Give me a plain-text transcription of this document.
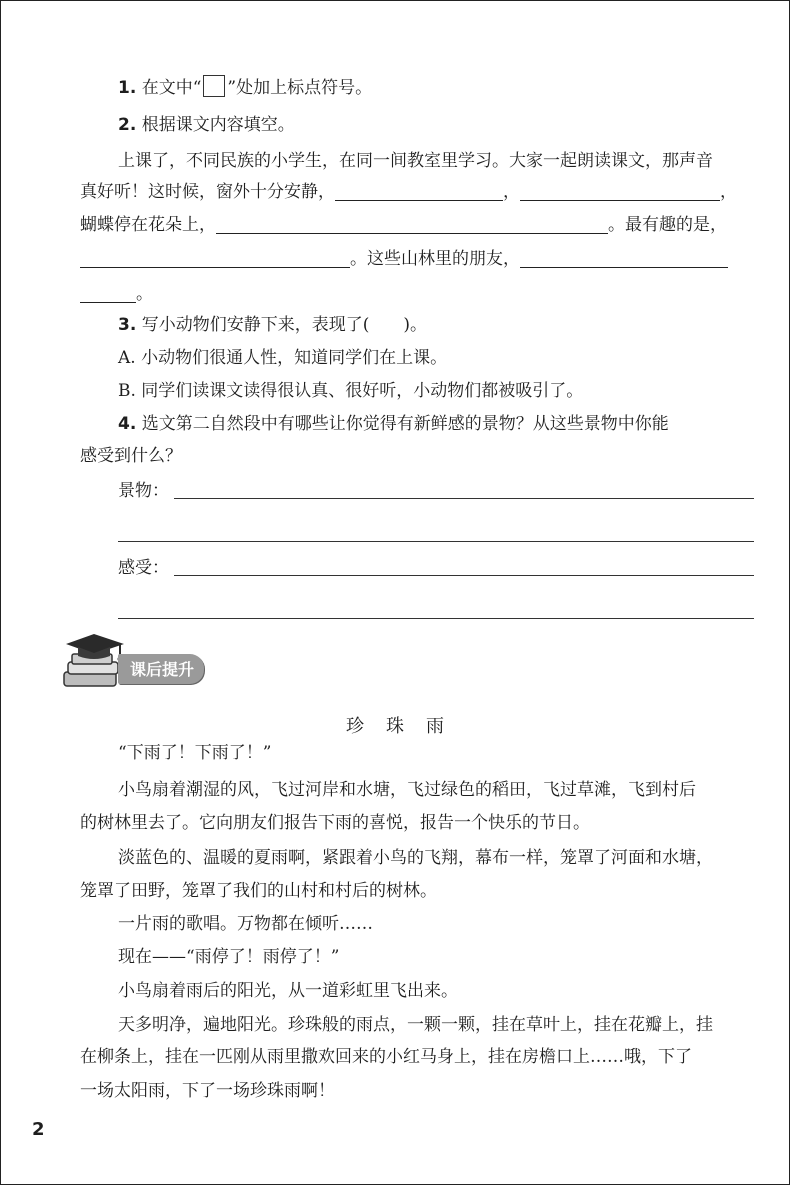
1. 在文中“ ”处加上标点符号。
2. 根据课文内容填空。
上课了，不同民族的小学生，在同一间教室里学习。大家一起朗读课文，那声音
真好听！这时候，窗外十分安静，	，	，
蝴蝶停在花朵上，	。最有趣的是，
。这些山林里的朋友，
。
3. 写小动物们安静下来，表现了(　　)。
A. 小动物们很通人性，知道同学们在上课。
B. 同学们读课文读得很认真、很好听，小动物们都被吸引了。
4. 选文第二自然段中有哪些让你觉得有新鲜感的景物？从这些景物中你能
感受到什么？
景物：
感受：
课后提升
珍珠雨
“下雨了！下雨了！”
小鸟扇着潮湿的风，飞过河岸和水塘，飞过绿色的稻田，飞过草滩，飞到村后
的树林里去了。它向朋友们报告下雨的喜悦，报告一个快乐的节日。
淡蓝色的、温暖的夏雨啊，紧跟着小鸟的飞翔，幕布一样，笼罩了河面和水塘，
笼罩了田野，笼罩了我们的山村和村后的树林。
一片雨的歌唱。万物都在倾听……
现在——“雨停了！雨停了！”
小鸟扇着雨后的阳光，从一道彩虹里飞出来。
天多明净，遍地阳光。珍珠般的雨点，一颗一颗，挂在草叶上，挂在花瓣上，挂
在柳条上，挂在一匹刚从雨里撒欢回来的小红马身上，挂在房檐口上……哦，下了
一场太阳雨，下了一场珍珠雨啊！
2
